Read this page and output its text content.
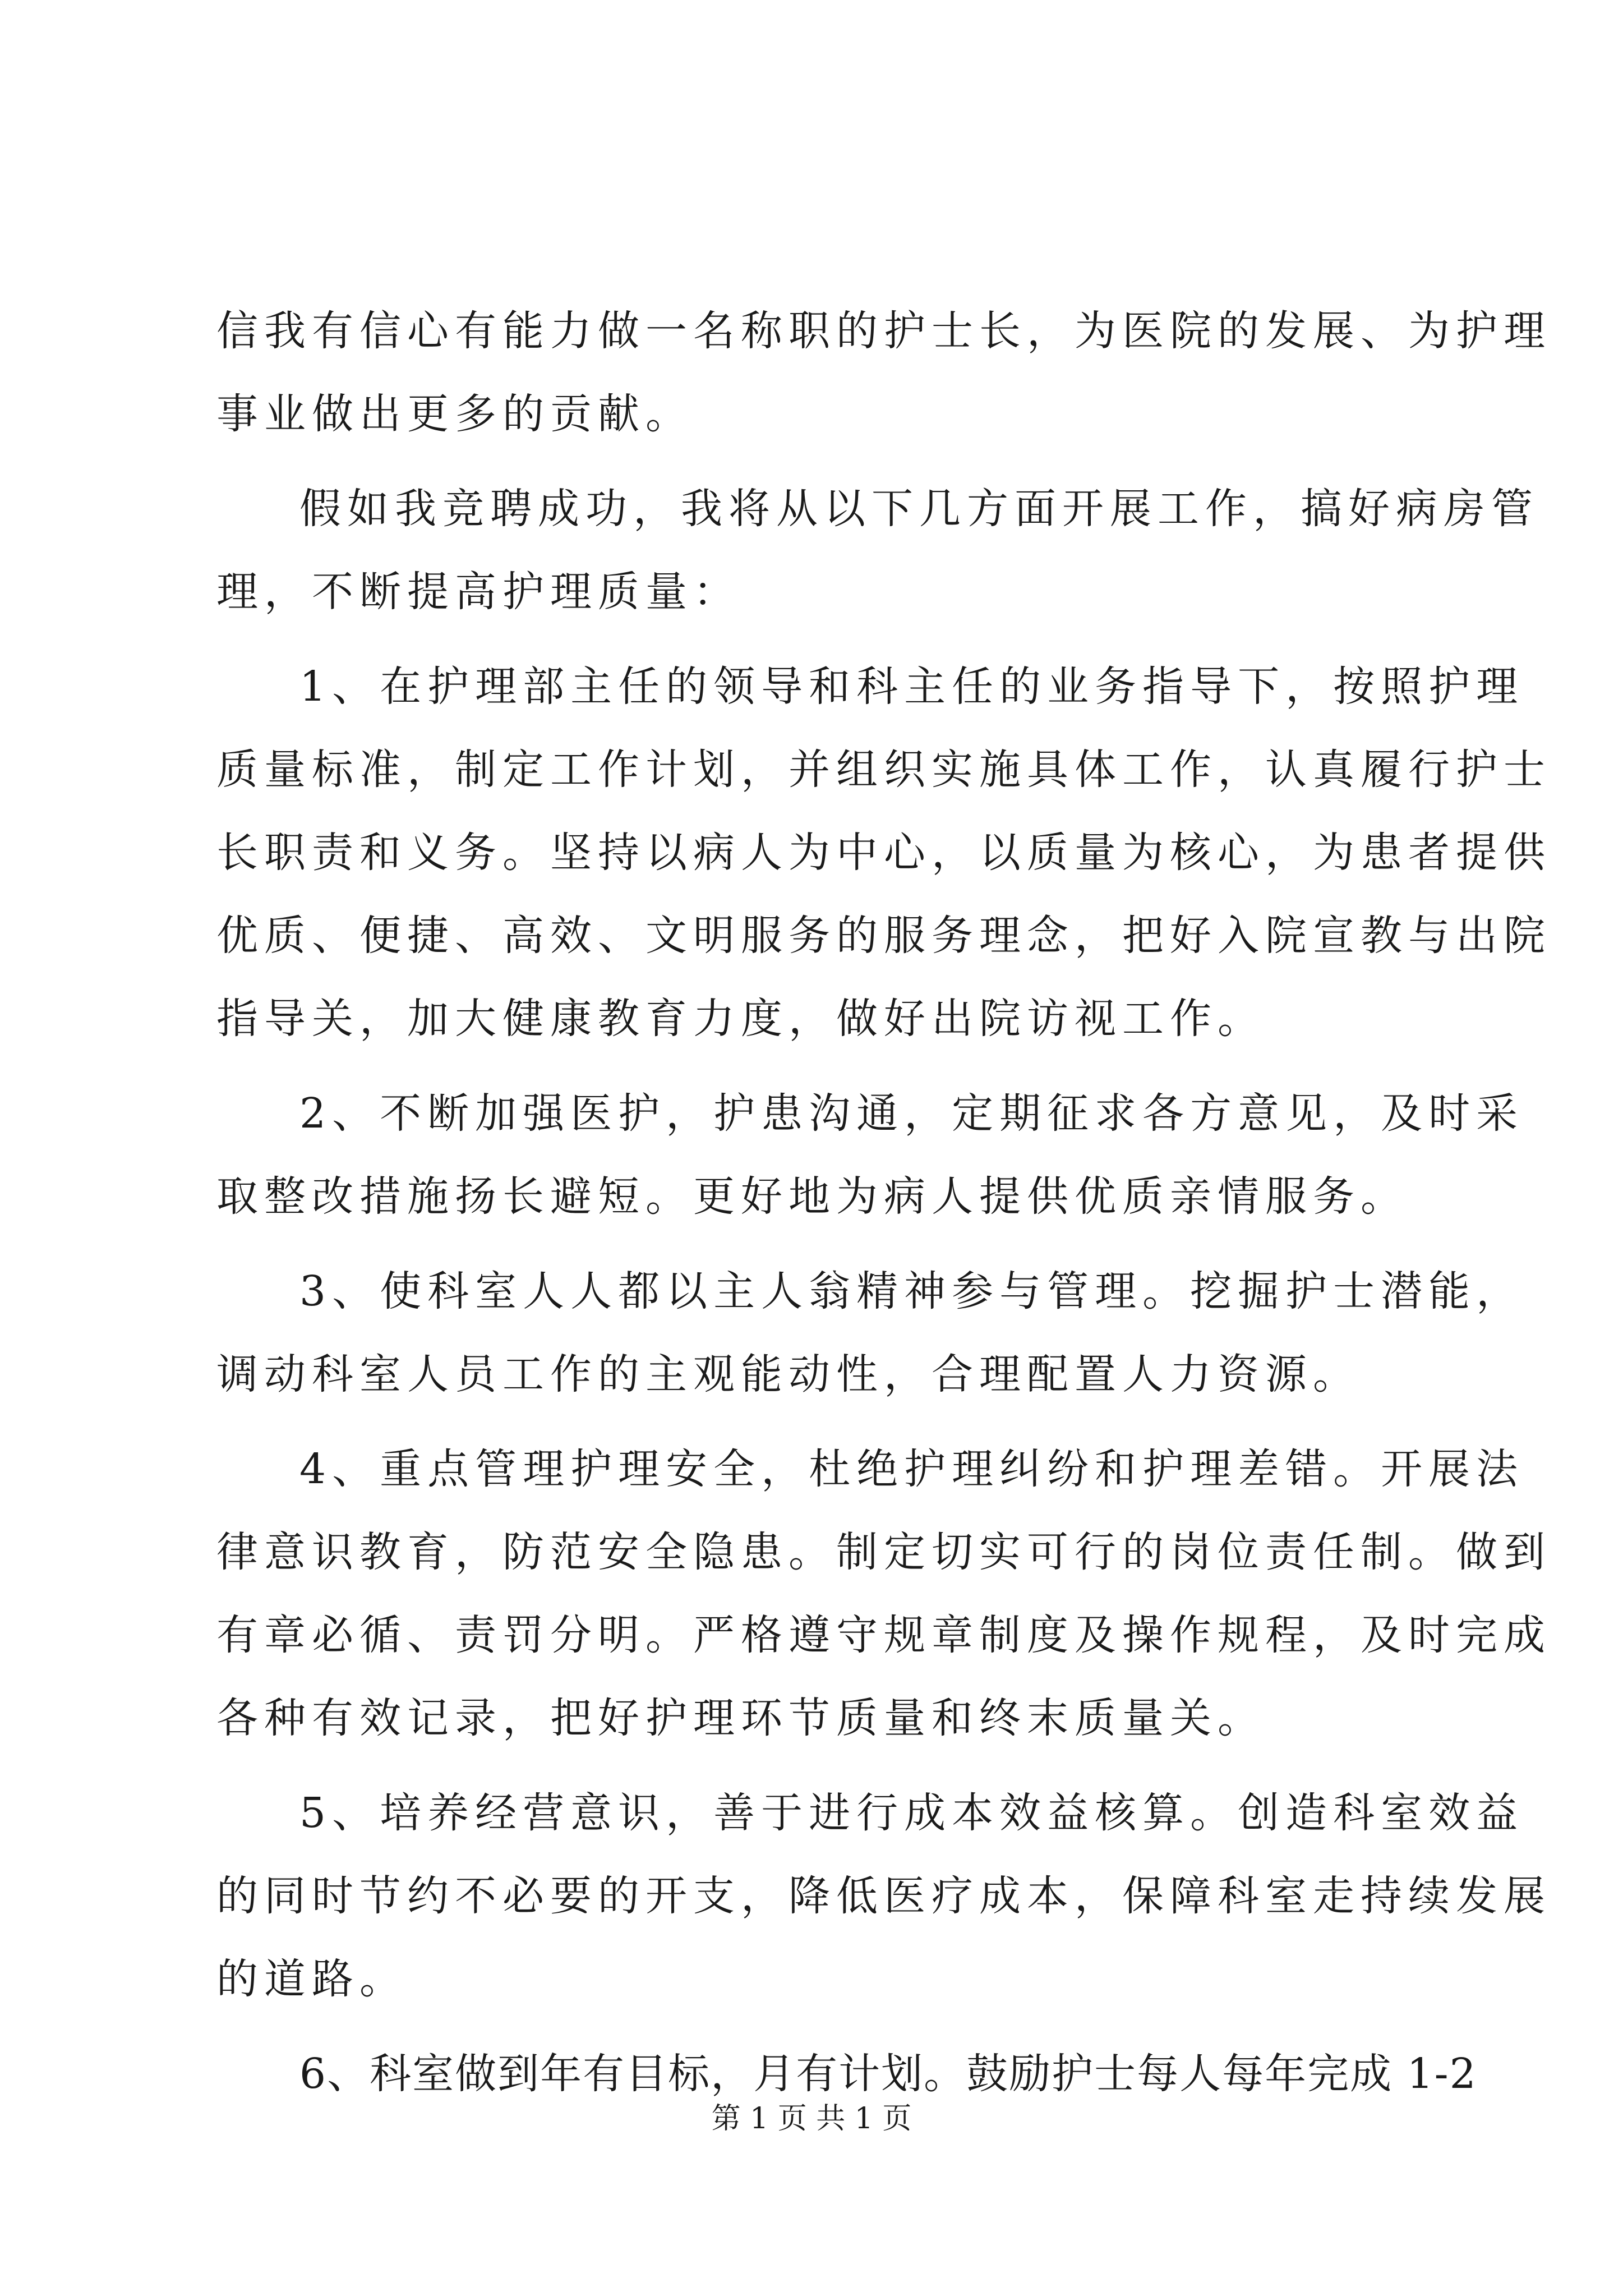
信我有信心有能力做一名称职的护士长，为医院的发展、为护理
事业做出更多的贡献。
假如我竞聘成功，我将从以下几方面开展工作，搞好病房管
理，不断提高护理质量：
1、在护理部主任的领导和科主任的业务指导下，按照护理
质量标准，制定工作计划，并组织实施具体工作，认真履行护士
长职责和义务。坚持以病人为中心，以质量为核心，为患者提供
优质、便捷、高效、文明服务的服务理念，把好入院宣教与出院
指导关，加大健康教育力度，做好出院访视工作。
2、不断加强医护，护患沟通，定期征求各方意见，及时采
取整改措施扬长避短。更好地为病人提供优质亲情服务。
3、使科室人人都以主人翁精神参与管理。挖掘护士潜能，
调动科室人员工作的主观能动性，合理配置人力资源。
4、重点管理护理安全，杜绝护理纠纷和护理差错。开展法
律意识教育，防范安全隐患。制定切实可行的岗位责任制。做到
有章必循、责罚分明。严格遵守规章制度及操作规程，及时完成
各种有效记录，把好护理环节质量和终末质量关。
5、培养经营意识，善于进行成本效益核算。创造科室效益
的同时节约不必要的开支，降低医疗成本，保障科室走持续发展
的道路。
6、科室做到年有目标，月有计划。鼓励护士每人每年完成 1-2
第 1 页 共 1 页
